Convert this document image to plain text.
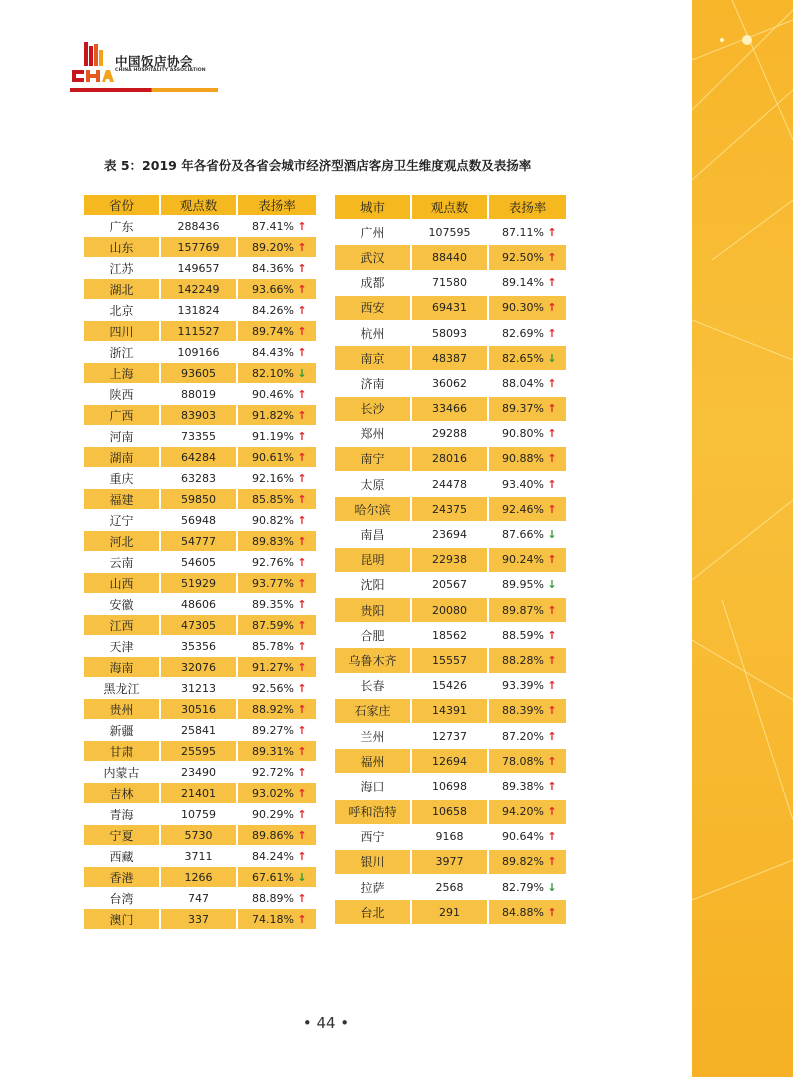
中国饭店协会
CHINA HOSPITALITY ASSOCIATION
表 5：2019 年各省份及各省会城市经济型酒店客房卫生维度观点数及表扬率
省份	观点数	表扬率
广东	288436	87.41% ↑
山东	157769	89.20% ↑
江苏	149657	84.36% ↑
湖北	142249	93.66% ↑
北京	131824	84.26% ↑
四川	111527	89.74% ↑
浙江	109166	84.43% ↑
上海	93605	82.10% ↓
陕西	88019	90.46% ↑
广西	83903	91.82% ↑
河南	73355	91.19% ↑
湖南	64284	90.61% ↑
重庆	63283	92.16% ↑
福建	59850	85.85% ↑
辽宁	56948	90.82% ↑
河北	54777	89.83% ↑
云南	54605	92.76% ↑
山西	51929	93.77% ↑
安徽	48606	89.35% ↑
江西	47305	87.59% ↑
天津	35356	85.78% ↑
海南	32076	91.27% ↑
黑龙江	31213	92.56% ↑
贵州	30516	88.92% ↑
新疆	25841	89.27% ↑
甘肃	25595	89.31% ↑
内蒙古	23490	92.72% ↑
吉林	21401	93.02% ↑
青海	10759	90.29% ↑
宁夏	5730	89.86% ↑
西藏	3711	84.24% ↑
香港	1266	67.61% ↓
台湾	747	88.89% ↑
澳门	337	74.18% ↑
城市	观点数	表扬率
广州	107595	87.11% ↑
武汉	88440	92.50% ↑
成都	71580	89.14% ↑
西安	69431	90.30% ↑
杭州	58093	82.69% ↑
南京	48387	82.65% ↓
济南	36062	88.04% ↑
长沙	33466	89.37% ↑
郑州	29288	90.80% ↑
南宁	28016	90.88% ↑
太原	24478	93.40% ↑
哈尔滨	24375	92.46% ↑
南昌	23694	87.66% ↓
昆明	22938	90.24% ↑
沈阳	20567	89.95% ↓
贵阳	20080	89.87% ↑
合肥	18562	88.59% ↑
乌鲁木齐	15557	88.28% ↑
长春	15426	93.39% ↑
石家庄	14391	88.39% ↑
兰州	12737	87.20% ↑
福州	12694	78.08% ↑
海口	10698	89.38% ↑
呼和浩特	10658	94.20% ↑
西宁	9168	90.64% ↑
银川	3977	89.82% ↑
拉萨	2568	82.79% ↓
台北	291	84.88% ↑
• 44 •
